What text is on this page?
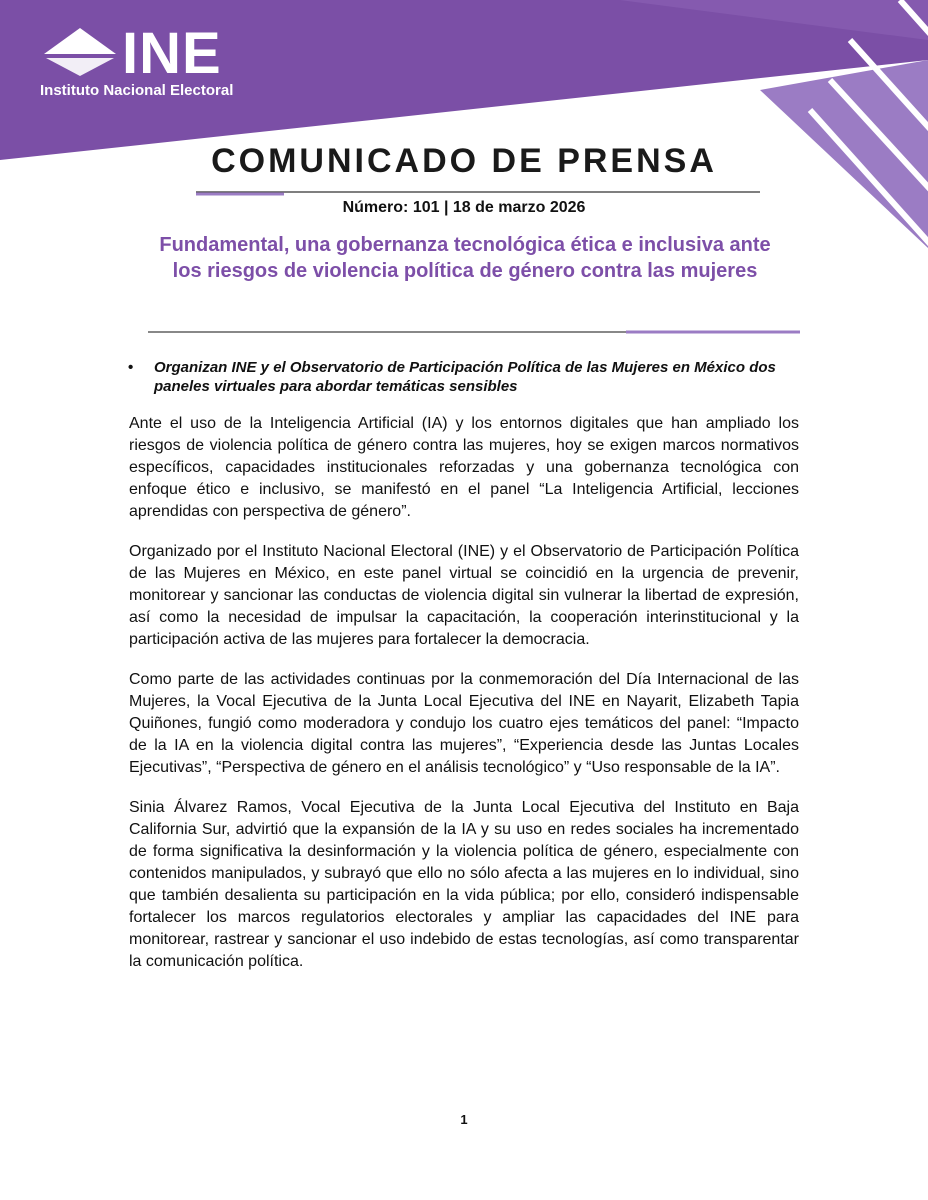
INE
Instituto Nacional Electoral
COMUNICADO DE PRENSA
Número: 101 | 18 de marzo 2026
Fundamental, una gobernanza tecnológica ética e inclusiva ante
los riesgos de violencia política de género contra las mujeres
• Organizan INE y el Observatorio de Participación Política de las Mujeres en México dos paneles virtuales para abordar temáticas sensibles

Ante el uso de la Inteligencia Artificial (IA) y los entornos digitales que han ampliado los riesgos de violencia política de género contra las mujeres, hoy se exigen marcos normativos específicos, capacidades institucionales reforzadas y una gobernanza tecnológica con enfoque ético e inclusivo, se manifestó en el panel “La Inteligencia Artificial, lecciones aprendidas con perspectiva de género”.

Organizado por el Instituto Nacional Electoral (INE) y el Observatorio de Participación Política de las Mujeres en México, en este panel virtual se coincidió en la urgencia de prevenir, monitorear y sancionar las conductas de violencia digital sin vulnerar la libertad de expresión, así como la necesidad de impulsar la capacitación, la cooperación interinstitucional y la participación activa de las mujeres para fortalecer la democracia.

Como parte de las actividades continuas por la conmemoración del Día Internacional de las Mujeres, la Vocal Ejecutiva de la Junta Local Ejecutiva del INE en Nayarit, Elizabeth Tapia Quiñones, fungió como moderadora y condujo los cuatro ejes temáticos del panel: “Impacto de la IA en la violencia digital contra las mujeres”, “Experiencia desde las Juntas Locales Ejecutivas”, “Perspectiva de género en el análisis tecnológico” y “Uso responsable de la IA”.

Sinia Álvarez Ramos, Vocal Ejecutiva de la Junta Local Ejecutiva del Instituto en Baja California Sur, advirtió que la expansión de la IA y su uso en redes sociales ha incrementado de forma significativa la desinformación y la violencia política de género, especialmente con contenidos manipulados, y subrayó que ello no sólo afecta a las mujeres en lo individual, sino que también desalienta su participación en la vida pública; por ello, consideró indispensable fortalecer los marcos regulatorios electorales y ampliar las capacidades del INE para monitorear, rastrear y sancionar el uso indebido de estas tecnologías, así como transparentar la comunicación política.

1
